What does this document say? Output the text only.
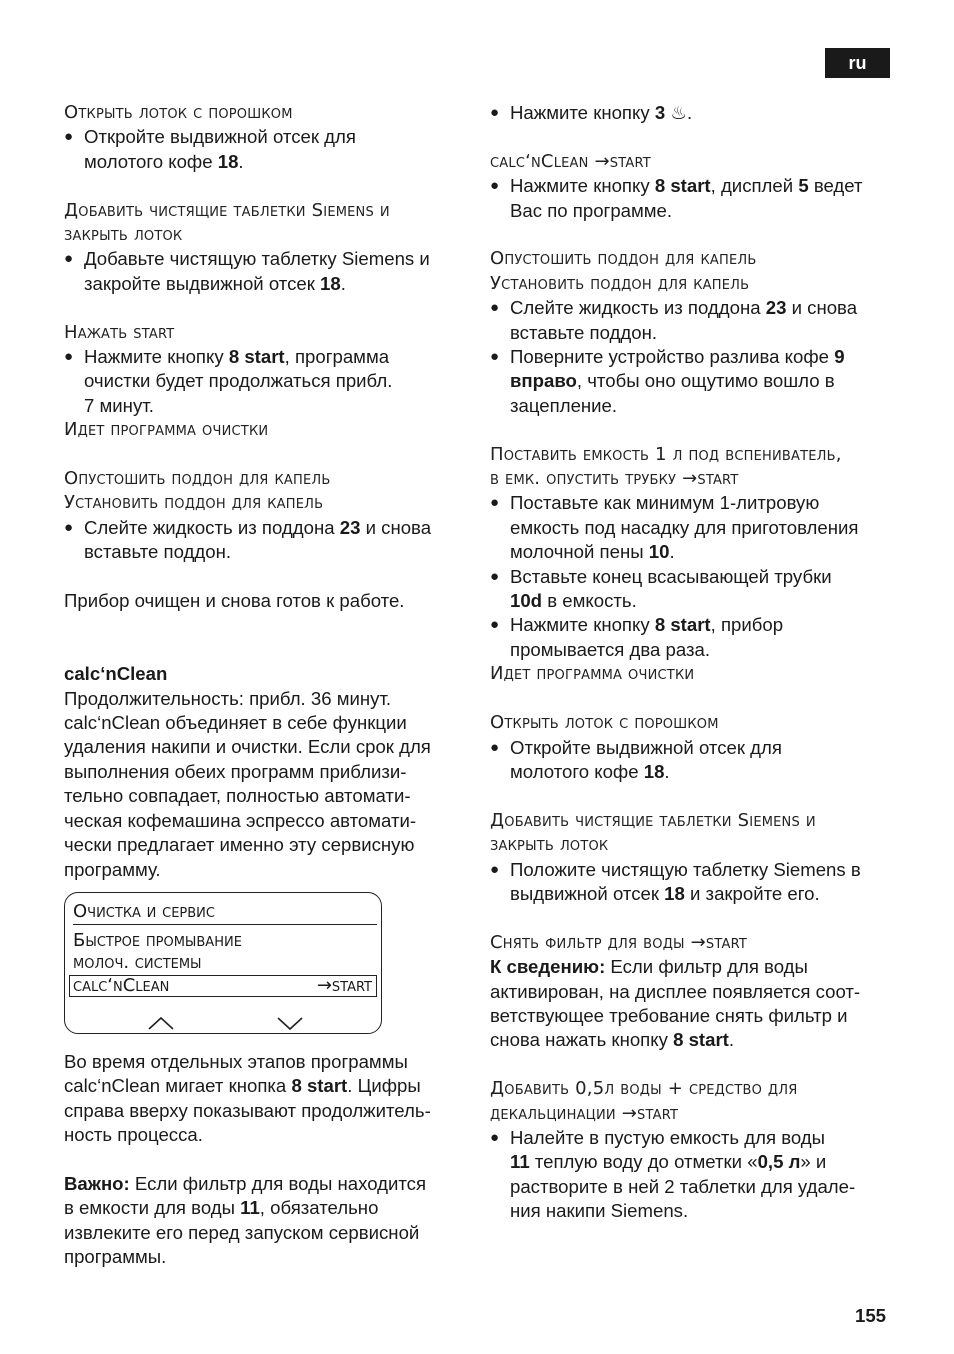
ru
Открыть лоток с порошком
● Откройте выдвижной отсек для
молотого кофе 18.
Добавить чистящие таблетки Siemens и
закрыть лоток
● Добавьте чистящую таблетку Siemens и
закройте выдвижной отсек 18.
Нажать start
● Нажмите кнопку 8 start, программа
очистки будет продолжаться прибл.
7 минут.
Идет программа очистки
Опустошить поддон для капель
Установить поддон для капель
● Слейте жидкость из поддона 23 и снова
вставьте поддон.
Прибор очищен и снова готов к работе.
calc‘nClean
Продолжительность: прибл. 36 минут.
calc‘nClean объединяет в себе функции
удаления накипи и очистки. Если срок для
выполнения обеих программ приблизи-
тельно совпадает, полностью автомати-
ческая кофемашина эспрессо автомати-
чески предлагает именно эту сервисную
программу.
Очистка и сервис
Быстрое промывание
молоч. системы
calc‘nClean	→start
Во время отдельных этапов программы
calc‘nClean мигает кнопка 8 start. Цифры
справа вверху показывают продолжитель-
ность процесса.
Важно: Если фильтр для воды находится
в емкости для воды 11, обязательно
извлеките его перед запуском сервисной
программы.
● Нажмите кнопку 3 ♨.
calc‘nClean →start
● Нажмите кнопку 8 start, дисплей 5 ведет
Вас по программе.
Опустошить поддон для капель
Установить поддон для капель
● Слейте жидкость из поддона 23 и снова
вставьте поддон.
● Поверните устройство разлива кофе 9
вправо, чтобы оно ощутимо вошло в
зацепление.
Поставить емкость 1 л под вспениватель,
в емк. опустить трубку →start
● Поставьте как минимум 1-литровую
емкость под насадку для приготовления
молочной пены 10.
● Вставьте конец всасывающей трубки
10d в емкость.
● Нажмите кнопку 8 start, прибор
промывается два раза.
Идет программа очистки
Открыть лоток с порошком
● Откройте выдвижной отсек для
молотого кофе 18.
Добавить чистящие таблетки Siemens и
закрыть лоток
● Положите чистящую таблетку Siemens в
выдвижной отсек 18 и закройте его.
Снять фильтр для воды →start
К сведению: Если фильтр для воды
активирован, на дисплее появляется соот-
ветствующее требование снять фильтр и
снова нажать кнопку 8 start.
Добавить 0,5л воды + средство для
декальцинации →start
● Налейте в пустую емкость для воды
11 теплую воду до отметки «0,5 л» и
растворите в ней 2 таблетки для удале-
ния накипи Siemens.
155
